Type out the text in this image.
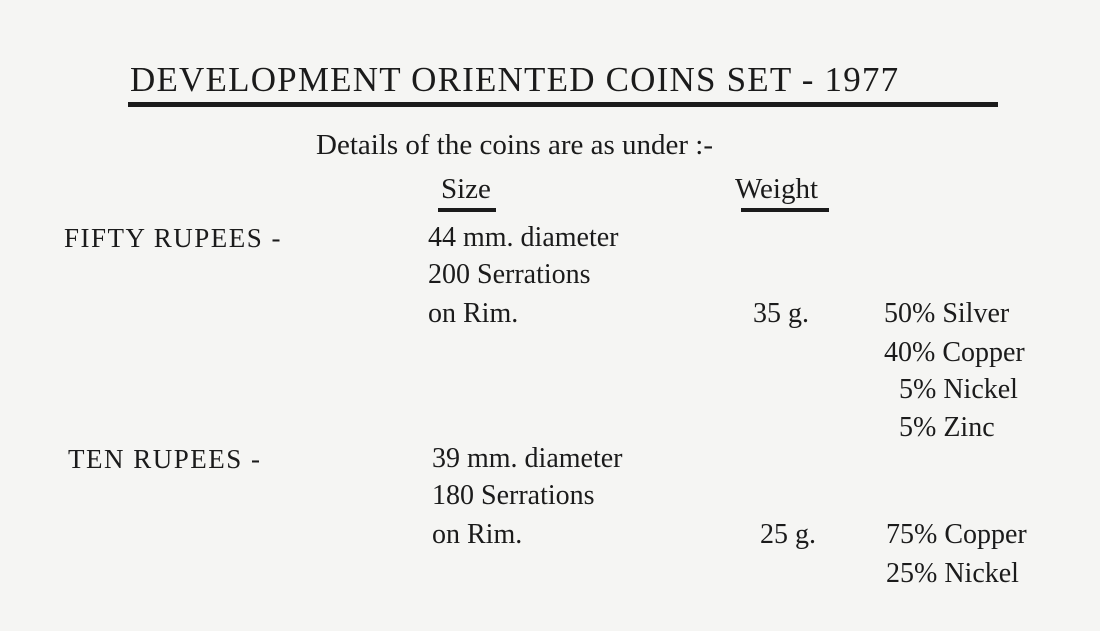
DEVELOPMENT ORIENTED COINS SET - 1977
Details of the coins are as under :-
Size	Weight
FIFTY RUPEES -	44 mm. diameter
200 Serrations
on Rim.	35 g.	50% Silver
40% Copper
5% Nickel
5% Zinc
TEN RUPEES -	39 mm. diameter
180 Serrations
on Rim.	25 g.	75% Copper
25% Nickel
